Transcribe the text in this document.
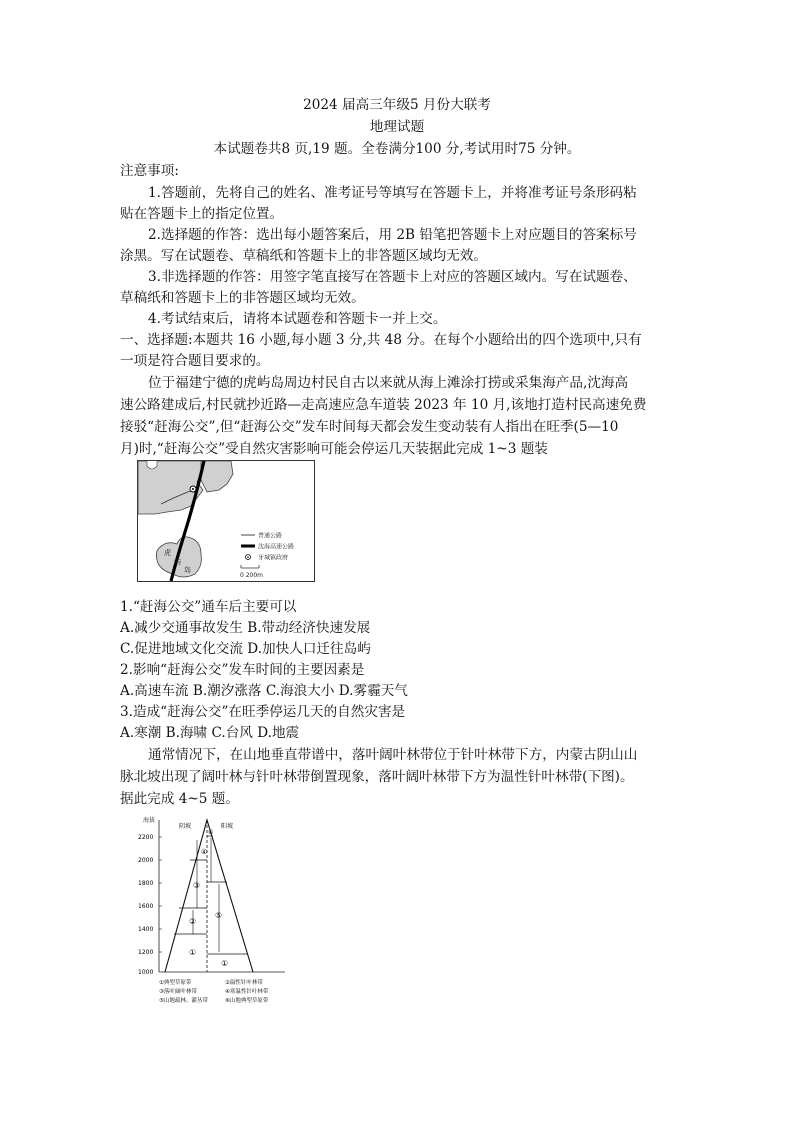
2024 届高三年级5 月份大联考
地理试题
本试题卷共8 页,19 题。全卷满分100 分,考试用时75 分钟。
注意事项:
1.答题前，先将自己的姓名、准考证号等填写在答题卡上，并将准考证号条形码粘
贴在答题卡上的指定位置。
2.选择题的作答：选出每小题答案后，用 2B 铅笔把答题卡上对应题目的答案标号
涂黑。写在试题卷、草稿纸和答题卡上的非答题区域均无效。
3.非选择题的作答：用签字笔直接写在答题卡上对应的答题区域内。写在试题卷、
草稿纸和答题卡上的非答题区域均无效。
4.考试结束后，请将本试题卷和答题卡一并上交。
一、选择题:本题共 16 小题,每小题 3 分,共 48 分。在每个小题给出的四个选项中,只有
一项是符合题目要求的。
位于福建宁德的虎屿岛周边村民自古以来就从海上滩涂打捞或采集海产品,沈海高
速公路建成后,村民就抄近路—走高速应急车道装 2023 年 10 月,该地打造村民高速免费
接驳“赶海公交”,但“赶海公交”发车时间每天都会发生变动装有人指出在旺季(5—10
月)时,“赶海公交”受自然灾害影响可能会停运几天装据此完成 1~3 题装
虎
屿
岛
普通公路
沈海高速公路
牙城镇政府
0 200m
1.“赶海公交”通车后主要可以
A.减少交通事故发生 B.带动经济快速发展
C.促进地域文化交流 D.加快人口迁往岛屿
2.影响“赶海公交”发车时间的主要因素是
A.高速车流 B.潮汐涨落 C.海浪大小 D.雾霾天气
3.造成“赶海公交”在旺季停运几天的自然灾害是
A.寒潮 B.海啸 C.台风 D.地震
通常情况下，在山地垂直带谱中，落叶阔叶林带位于针叶林带下方，内蒙古阴山山
脉北坡出现了阔叶林与针叶林带倒置现象，落叶阔叶林带下方为温性针叶林带(下图)。
据此完成 4~5 题。
海拔
2200
2000
1800
1600
1400
1200
1000
阴坡	阳坡
①
②
③
④
⑤
⑥
①
①典型草原带	②温性针叶林带
③落叶阔叶林带	④寒温性针叶林带
⑤山地疏林、灌丛带	⑥山地典型草原带
